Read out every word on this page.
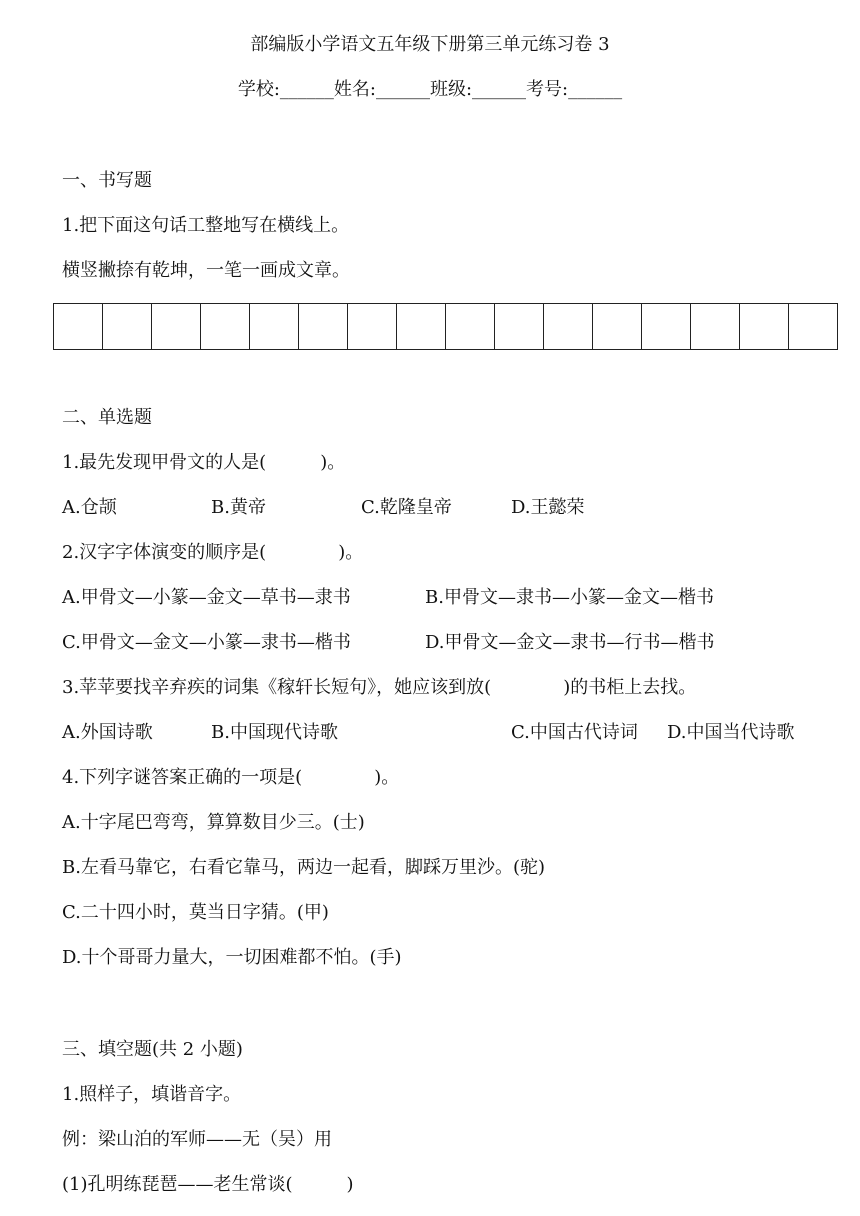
部编版小学语文五年级下册第三单元练习卷 3
学校:______姓名:______班级:______考号:______
一、书写题
1.把下面这句话工整地写在横线上。
横竖撇捺有乾坤，一笔一画成文章。
二、单选题
1.最先发现甲骨文的人是(　　　)。
A.仓颉	B.黄帝	C.乾隆皇帝	D.王懿荣
2.汉字字体演变的顺序是(　　　　)。
A.甲骨文—小篆—金文—草书—隶书	B.甲骨文—隶书—小篆—金文—楷书
C.甲骨文—金文—小篆—隶书—楷书	D.甲骨文—金文—隶书—行书—楷书
3.苹苹要找辛弃疾的词集《稼轩长短句》，她应该到放(　　　　)的书柜上去找。
A.外国诗歌	B.中国现代诗歌	C.中国古代诗词 D.中国当代诗歌
4.下列字谜答案正确的一项是(　　　　)。
A.十字尾巴弯弯，算算数目少三。(士)
B.左看马靠它，右看它靠马，两边一起看，脚踩万里沙。(驼)
C.二十四小时，莫当日字猜。(甲)
D.十个哥哥力量大，一切困难都不怕。(手)
三、填空题(共 2 小题)
1.照样子，填谐音字。
例：梁山泊的军师——无（吴）用
(1)孔明练琵琶——老生常谈(　　　)
